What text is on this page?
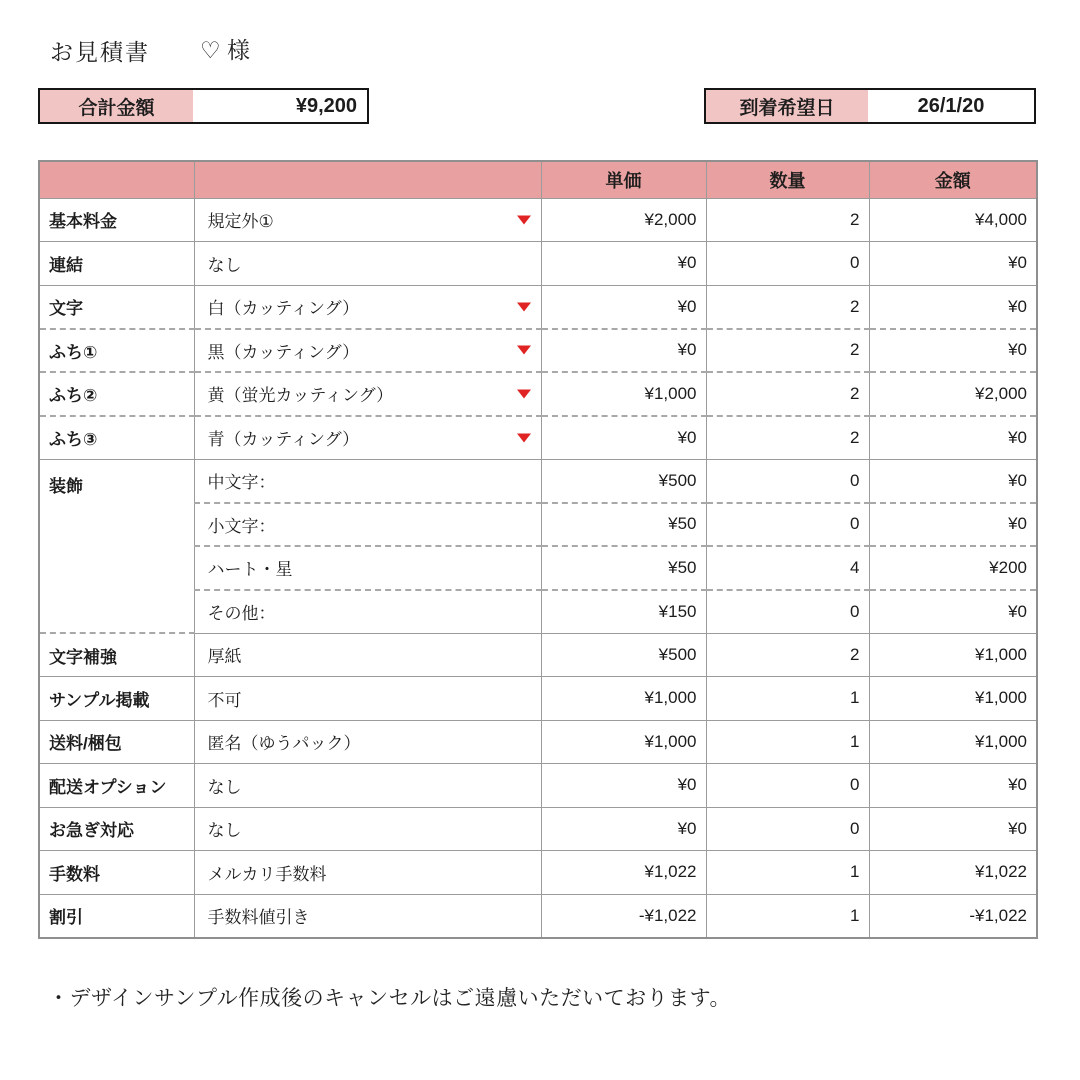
お見積書 ♡ 様
合計金額	¥9,200	到着希望日	26/1/20
		単価	数量	金額
基本料金	規定外①	¥2,000	2	¥4,000
連結	なし	¥0	0	¥0
文字	白（カッティング）	¥0	2	¥0
ふち①	黒（カッティング）	¥0	2	¥0
ふち②	黄（蛍光カッティング）	¥1,000	2	¥2,000
ふち③	青（カッティング）	¥0	2	¥0
装飾	中文字：	¥500	0	¥0
	小文字：	¥50	0	¥0
	ハート・星	¥50	4	¥200
	その他：	¥150	0	¥0
文字補強	厚紙	¥500	2	¥1,000
サンプル掲載	不可	¥1,000	1	¥1,000
送料/梱包	匿名（ゆうパック）	¥1,000	1	¥1,000
配送オプション	なし	¥0	0	¥0
お急ぎ対応	なし	¥0	0	¥0
手数料	メルカリ手数料	¥1,022	1	¥1,022
割引	手数料値引き	-¥1,022	1	-¥1,022
・デザインサンプル作成後のキャンセルはご遠慮いただいております。
